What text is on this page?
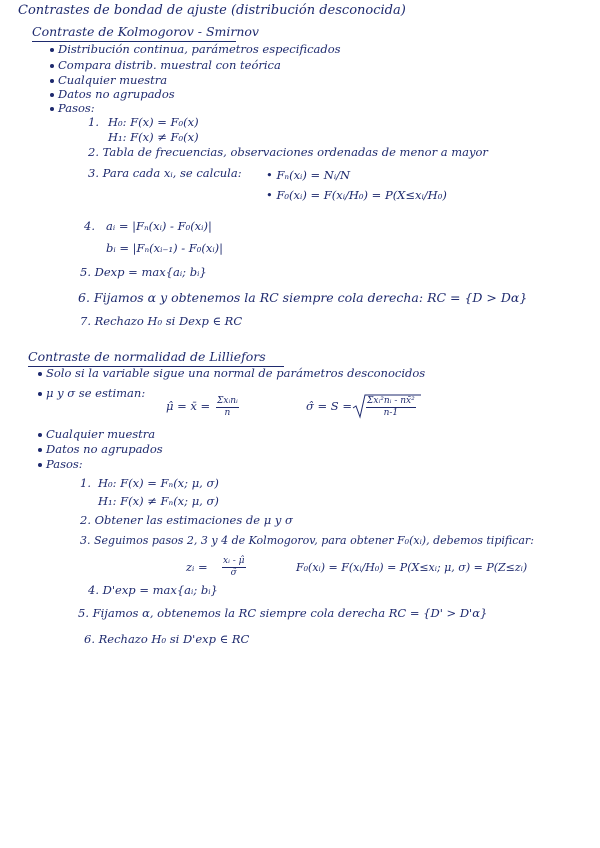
Contrastes de bondad de ajuste (distribución desconocida)
Contraste de Kolmogorov - Smirnov
Distribución continua, parámetros especificados
Compara distrib. muestral con teórica
Cualquier muestra
Datos no agrupados
Pasos:
1. H₀: F(x) = F₀(x)
H₁: F(x) ≠ F₀(x)
2. Tabla de frecuencias, observaciones ordenadas de menor a mayor
3. Para cada xᵢ, se calcula: • Fₙ(xᵢ) = Nᵢ/N
• F₀(xᵢ) = F(xᵢ/H₀) = P(X≤xᵢ/H₀)
4. aᵢ = |Fₙ(xᵢ) - F₀(xᵢ)|
bᵢ = |Fₙ(xᵢ₋₁) - F₀(xᵢ)|
5. Dexp = max{aᵢ; bᵢ}
6. Fijamos α y obtenemos la RC siempre cola derecha: RC = {D > Dα}
7. Rechazo H₀ si Dexp ∈ RC
Contraste de normalidad de Lilliefors
Solo si la variable sigue una normal de parámetros desconocidos
μ y σ se estiman:
μ̂ = x̄ = Σxᵢnᵢ
n	σ̂ = S = Σxᵢ²nᵢ - nx̄²
n-1
Cualquier muestra
Datos no agrupados
Pasos:
1. H₀: F(x) = Fₙ(x; μ, σ)
H₁: F(x) ≠ Fₙ(x; μ, σ)
2. Obtener las estimaciones de μ y σ
3. Seguimos pasos 2, 3 y 4 de Kolmogorov, para obtener F₀(xᵢ), debemos tipificar:
zᵢ = $\frac{\text{xᵢ - μ̂}}{\sigmâ}$	F₀(xᵢ) = F(xᵢ/H₀) = P(X≤xᵢ; μ, σ) = P(Z≤zᵢ)
4. D'exp = max{aᵢ; bᵢ}
5. Fijamos α, obtenemos la RC siempre cola derecha RC = {D' > D'α}
6. Rechazo H₀ si D'exp ∈ RC
